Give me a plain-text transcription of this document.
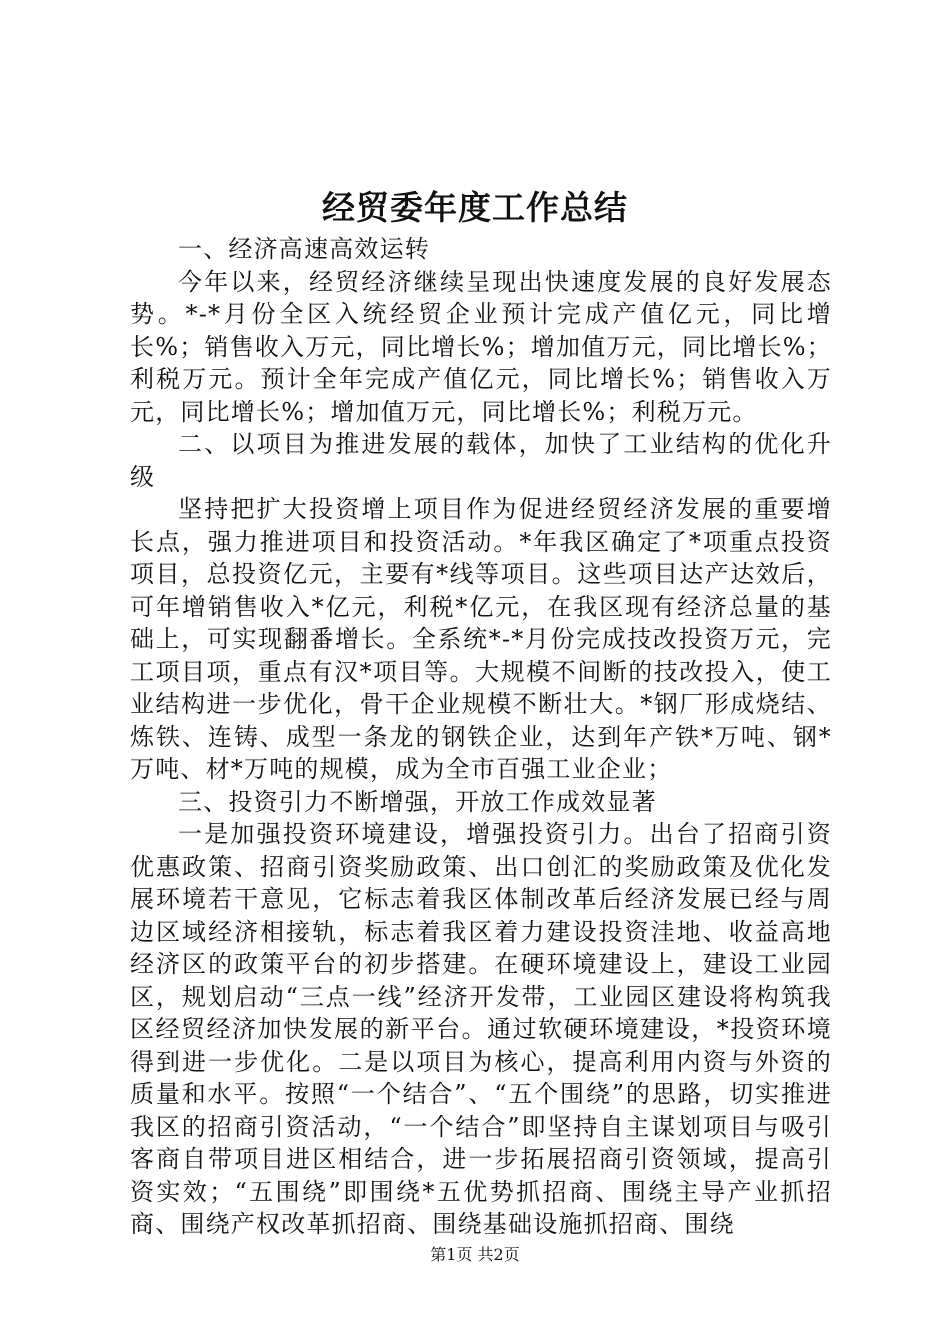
经贸委年度工作总结

一、经济高速高效运转

今年以来，经贸经济继续呈现出快速度发展的良好发展态势。*-*月份全区入统经贸企业预计完成产值亿元，同比增长%；销售收入万元，同比增长%；增加值万元，同比增长%；利税万元。预计全年完成产值亿元，同比增长%；销售收入万元，同比增长%；增加值万元，同比增长%；利税万元。

二、以项目为推进发展的载体，加快了工业结构的优化升级

坚持把扩大投资增上项目作为促进经贸经济发展的重要增长点，强力推进项目和投资活动。*年我区确定了*项重点投资项目，总投资亿元，主要有*线等项目。这些项目达产达效后，可年增销售收入*亿元，利税*亿元，在我区现有经济总量的基础上，可实现翻番增长。全系统*-*月份完成技改投资万元，完工项目项，重点有汉*项目等。大规模不间断的技改投入，使工业结构进一步优化，骨干企业规模不断壮大。*钢厂形成烧结、炼铁、连铸、成型一条龙的钢铁企业，达到年产铁*万吨、钢*万吨、材*万吨的规模，成为全市百强工业企业；

三、投资引力不断增强，开放工作成效显著

一是加强投资环境建设，增强投资引力。出台了招商引资优惠政策、招商引资奖励政策、出口创汇的奖励政策及优化发展环境若干意见，它标志着我区体制改革后经济发展已经与周边区域经济相接轨，标志着我区着力建设投资洼地、收益高地经济区的政策平台的初步搭建。在硬环境建设上，建设工业园区，规划启动“三点一线”经济开发带，工业园区建设将构筑我区经贸经济加快发展的新平台。通过软硬环境建设，*投资环境得到进一步优化。二是以项目为核心，提高利用内资与外资的质量和水平。按照“一个结合”、“五个围绕”的思路，切实推进我区的招商引资活动，“一个结合”即坚持自主谋划项目与吸引客商自带项目进区相结合，进一步拓展招商引资领域，提高引资实效；“五围绕”即围绕*五优势抓招商、围绕主导产业抓招商、围绕产权改革抓招商、围绕基础设施抓招商、围绕

第1页 共2页
